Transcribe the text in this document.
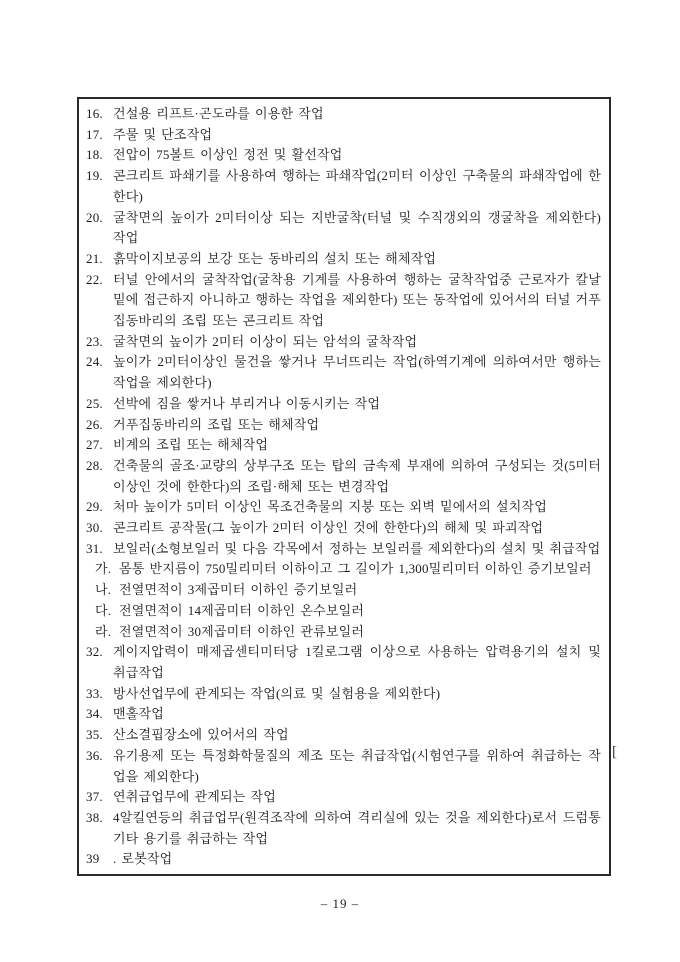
16. 건설용 리프트·곤도라를 이용한 작업
17. 주물 및 단조작업
18. 전압이 75볼트 이상인 정전 및 활선작업
19. 콘크리트 파쇄기를 사용하여 행하는 파쇄작업(2미터 이상인 구축물의 파쇄작업에 한한다)
20. 굴착면의 높이가 2미터이상 되는 지반굴착(터널 및 수직갱외의 갱굴착을 제외한다) 작업
21. 흙막이지보공의 보강 또는 동바리의 설치 또는 해체작업
22. 터널 안에서의 굴착작업(굴착용 기계를 사용하여 행하는 굴착작업중 근로자가 칼날 밑에 접근하지 아니하고 행하는 작업을 제외한다) 또는 동작업에 있어서의 터널 거푸집동바리의 조립 또는 콘크리트 작업
23. 굴착면의 높이가 2미터 이상이 되는 암석의 굴착작업
24. 높이가 2미터이상인 물건을 쌓거나 무너뜨리는 작업(하역기계에 의하여서만 행하는 작업을 제외한다)
25. 선박에 짐을 쌓거나 부리거나 이동시키는 작업
26. 거푸집동바리의 조립 또는 해체작업
27. 비계의 조립 또는 해체작업
28. 건축물의 골조·교량의 상부구조 또는 탑의 금속제 부재에 의하여 구성되는 것(5미터이상인 것에 한한다)의 조립·해체 또는 변경작업
29. 처마 높이가 5미터 이상인 목조건축물의 지붕 또는 외벽 밑에서의 설치작업
30. 콘크리트 공작물(그 높이가 2미터 이상인 것에 한한다)의 해체 및 파괴작업
31. 보일러(소형보일러 및 다음 각목에서 정하는 보일러를 제외한다)의 설치 및 취급작업
가. 몸통 반지름이 750밀리미터 이하이고 그 길이가 1,300밀리미터 이하인 증기보일러
나. 전열면적이 3제곱미터 이하인 증기보일러
다. 전열면적이 14제곱미터 이하인 온수보일러
라. 전열면적이 30제곱미터 이하인 관류보일러
32. 게이지압력이 매제곱센티미터당 1킬로그램 이상으로 사용하는 압력용기의 설치 및 취급작업
33. 방사선업무에 관계되는 작업(의료 및 실험용을 제외한다)
34. 맨홀작업
35. 산소결핍장소에 있어서의 작업
36. 유기용제 또는 특정화학물질의 제조 또는 취급작업(시험연구를 위하여 취급하는 작업을 제외한다)
37. 연취급업무에 관계되는 작업
38. 4알킬연등의 취급업무(원격조작에 의하여 격리실에 있는 것을 제외한다)로서 드럼통 기타 용기를 취급하는 작업
39	. 로봇작업
[
– 19 –
